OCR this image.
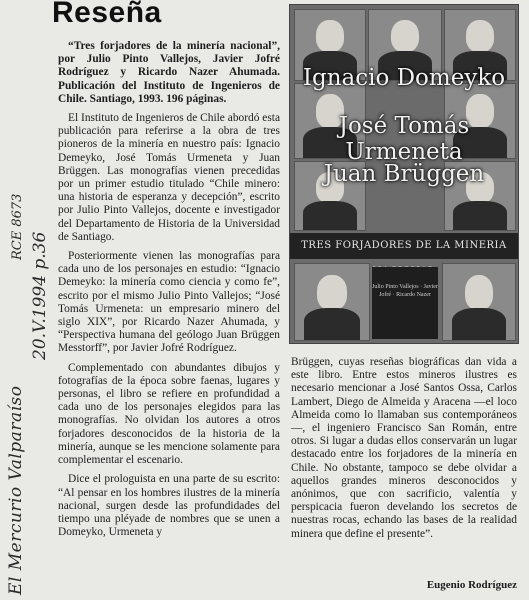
El Mercurio Valparaíso
20.V.1994 p.36
RCE 8673
Reseña

“Tres forjadores de la minería nacional”, por Julio Pinto Vallejos, Javier Jofré Rodríguez y Ricardo Nazer Ahumada. Publicación del Instituto de Ingenieros de Chile. Santiago, 1993. 196 páginas.

El Instituto de Ingenieros de Chile abordó esta publicación para referirse a la obra de tres pioneros de la minería en nuestro país: Ignacio Demeyko, José Tomás Urmeneta y Juan Brüggen. Las monografías vienen precedidas por un primer estudio titulado “Chile minero: una historia de esperanza y decepción”, escrito por Julio Pinto Vallejos, docente e investigador del Departamento de Historia de la Universidad de Santiago.

Posteriormente vienen las monografías para cada uno de los personajes en estudio: “Ignacio Demeyko: la minería como ciencia y como fe”, escrito por el mismo Julio Pinto Vallejos; “José Tomás Urmeneta: un empresario minero del siglo XIX”, por Ricardo Nazer Ahumada, y “Perspectiva humana del geólogo Juan Brüggen Messtorff”, por Javier Jofré Rodríguez.

Complementado con abundantes dibujos y fotografías de la época sobre faenas, lugares y personas, el libro se refiere en profundidad a cada uno de los personajes elegidos para las monografías. No olvidan los autores a otros forjadores desconocidos de la historia de la minería, aunque se les mencione solamente para complementar el escenario.

Dice el prologuista en una parte de su escrito: “Al pensar en los hombres ilustres de la minería nacional, surgen desde las profundidades del tiempo una pléyade de nombres que se unen a Domeyko, Urmeneta y

Ignacio Domeyko
José Tomás Urmeneta
Juan Brüggen
TRES FORJADORES DE LA MINERIA
Julio Pinto Vallejos · Javier Jofré · Ricardo Nazer

Brüggen, cuyas reseñas biográficas dan vida a este libro. Entre estos mineros ilustres es necesario mencionar a José Santos Ossa, Carlos Lambert, Diego de Almeida y Aracena —el loco Almeida como lo llamaban sus contemporáneos—, el ingeniero Francisco San Román, entre otros. Si lugar a dudas ellos conservarán un lugar destacado entre los forjadores de la minería en Chile. No obstante, tampoco se debe olvidar a aquellos grandes mineros desconocidos y anónimos, que con sacrificio, valentía y perspicacia fueron develando los secretos de nuestras rocas, echando las bases de la realidad minera que define el presente”.

Eugenio Rodríguez
